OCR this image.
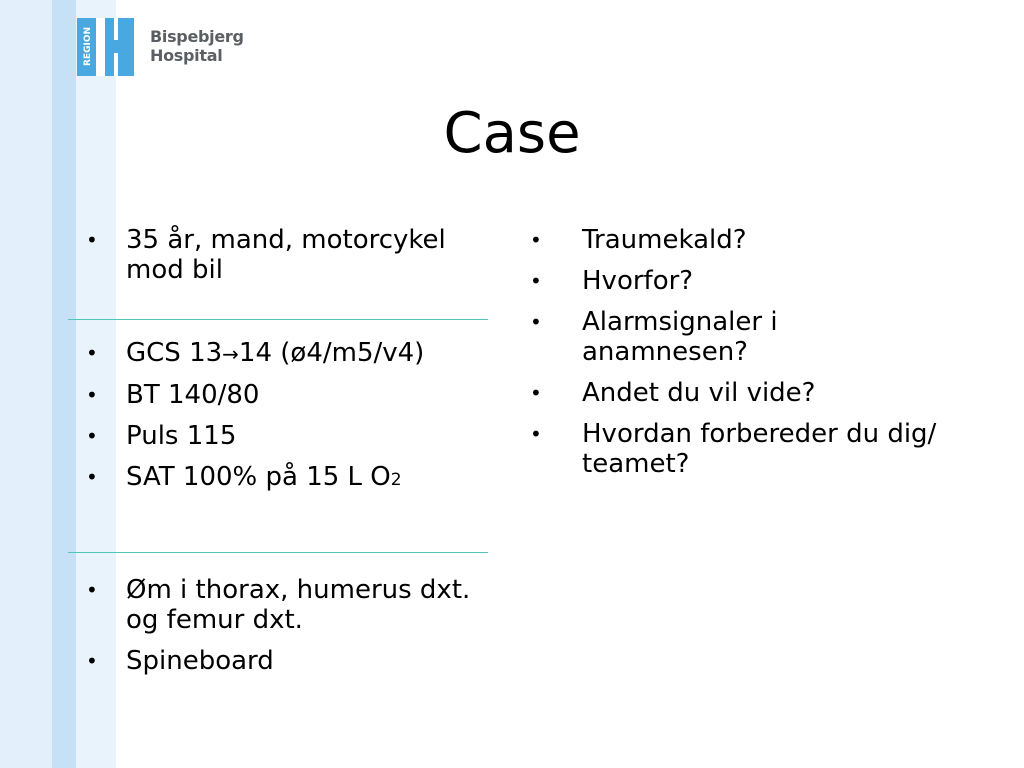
REGION	Bispebjerg
Hospital
Case
• 35 år, mand, motorcykel mod bil
• GCS 13→14 (ø4/m5/v4)
• BT 140/80
• Puls 115
• SAT 100% på 15 L O2
• Øm i thorax, humerus dxt. og femur dxt.
• Spineboard
• Traumekald?
• Hvorfor?
• Alarmsignaler i anamnesen?
• Andet du vil vide?
• Hvordan forbereder du dig/ teamet?
